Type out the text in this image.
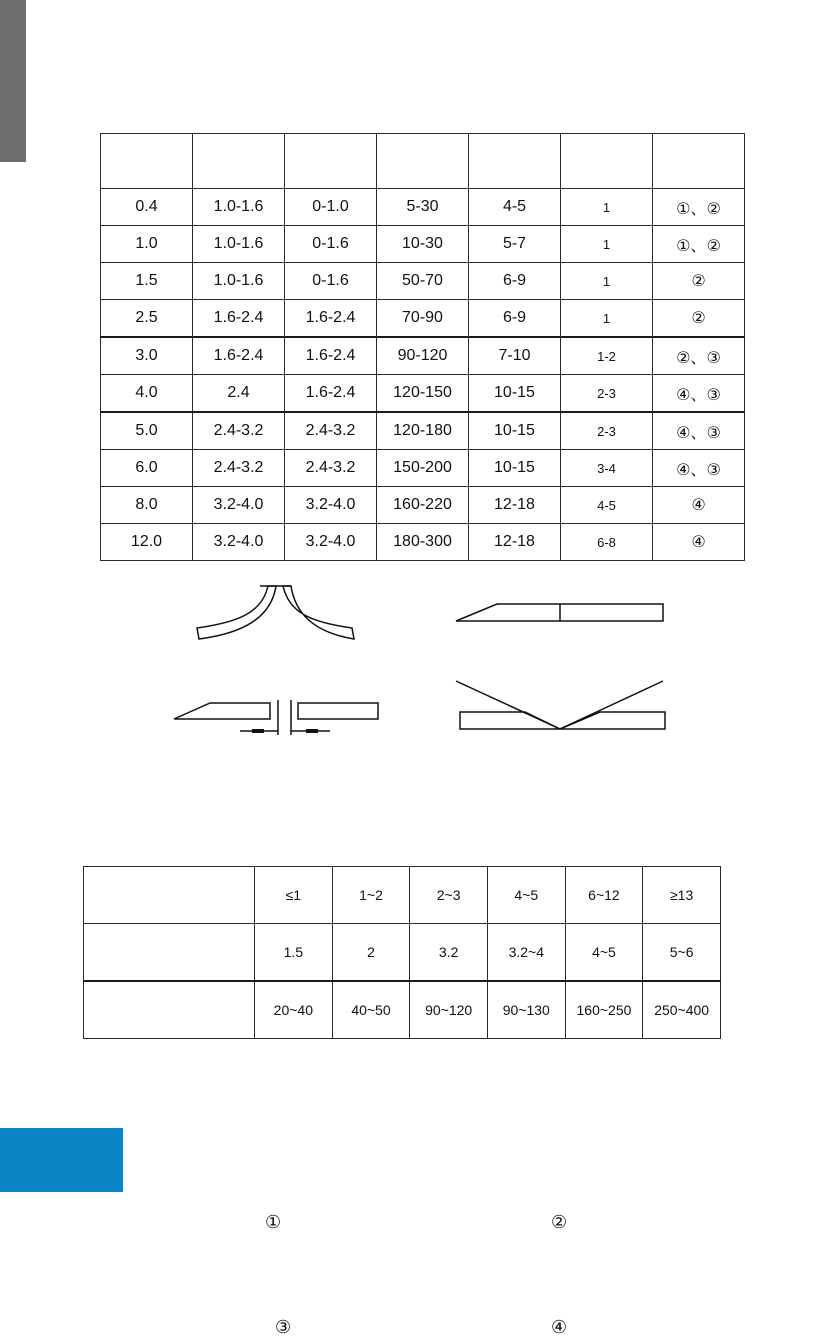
0.4	1.0-1.6	0-1.0	5-30	4-5	1	①、②
1.0	1.0-1.6	0-1.6	10-30	5-7	1	①、②
1.5	1.0-1.6	0-1.6	50-70	6-9	1	②
2.5	1.6-2.4	1.6-2.4	70-90	6-9	1	②
3.0	1.6-2.4	1.6-2.4	90-120	7-10	1-2	②、③
4.0	2.4	1.6-2.4	120-150	10-15	2-3	④、③
5.0	2.4-3.2	2.4-3.2	120-180	10-15	2-3	④、③
6.0	2.4-3.2	2.4-3.2	150-200	10-15	3-4	④、③
8.0	3.2-4.0	3.2-4.0	160-220	12-18	4-5	④
12.0	3.2-4.0	3.2-4.0	180-300	12-18	6-8	④
①	②
③	④
	≤1	1~2	2~3	4~5	6~12	≥13
	1.5	2	3.2	3.2~4	4~5	5~6
	20~40	40~50	90~120	90~130	160~250	250~400
